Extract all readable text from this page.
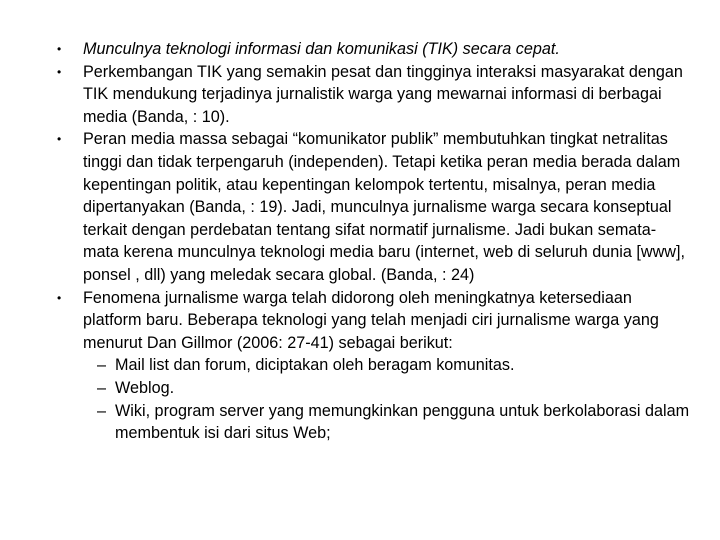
• Munculnya teknologi informasi dan komunikasi (TIK) secara cepat.
• Perkembangan TIK yang semakin pesat dan tingginya interaksi masyarakat dengan TIK mendukung terjadinya jurnalistik warga yang mewarnai informasi di berbagai media (Banda, : 10).
• Peran media massa sebagai “komunikator publik” membutuhkan tingkat netralitas tinggi dan tidak terpengaruh (independen). Tetapi ketika peran media berada dalam kepentingan politik, atau kepentingan kelompok tertentu, misalnya, peran media dipertanyakan (Banda, : 19). Jadi, munculnya jurnalisme warga secara konseptual terkait dengan perdebatan tentang sifat normatif jurnalisme. Jadi bukan semata-mata kerena munculnya teknologi media baru (internet, web di seluruh dunia [www], ponsel , dll) yang meledak secara global. (Banda, : 24)
• Fenomena jurnalisme warga telah didorong oleh meningkatnya ketersediaan platform baru. Beberapa teknologi yang telah menjadi ciri jurnalisme warga yang menurut Dan Gillmor (2006: 27-41) sebagai berikut:
– Mail list dan forum, diciptakan oleh beragam komunitas.
– Weblog.
– Wiki, program server yang memungkinkan pengguna untuk berkolaborasi dalam membentuk isi dari situs Web;
